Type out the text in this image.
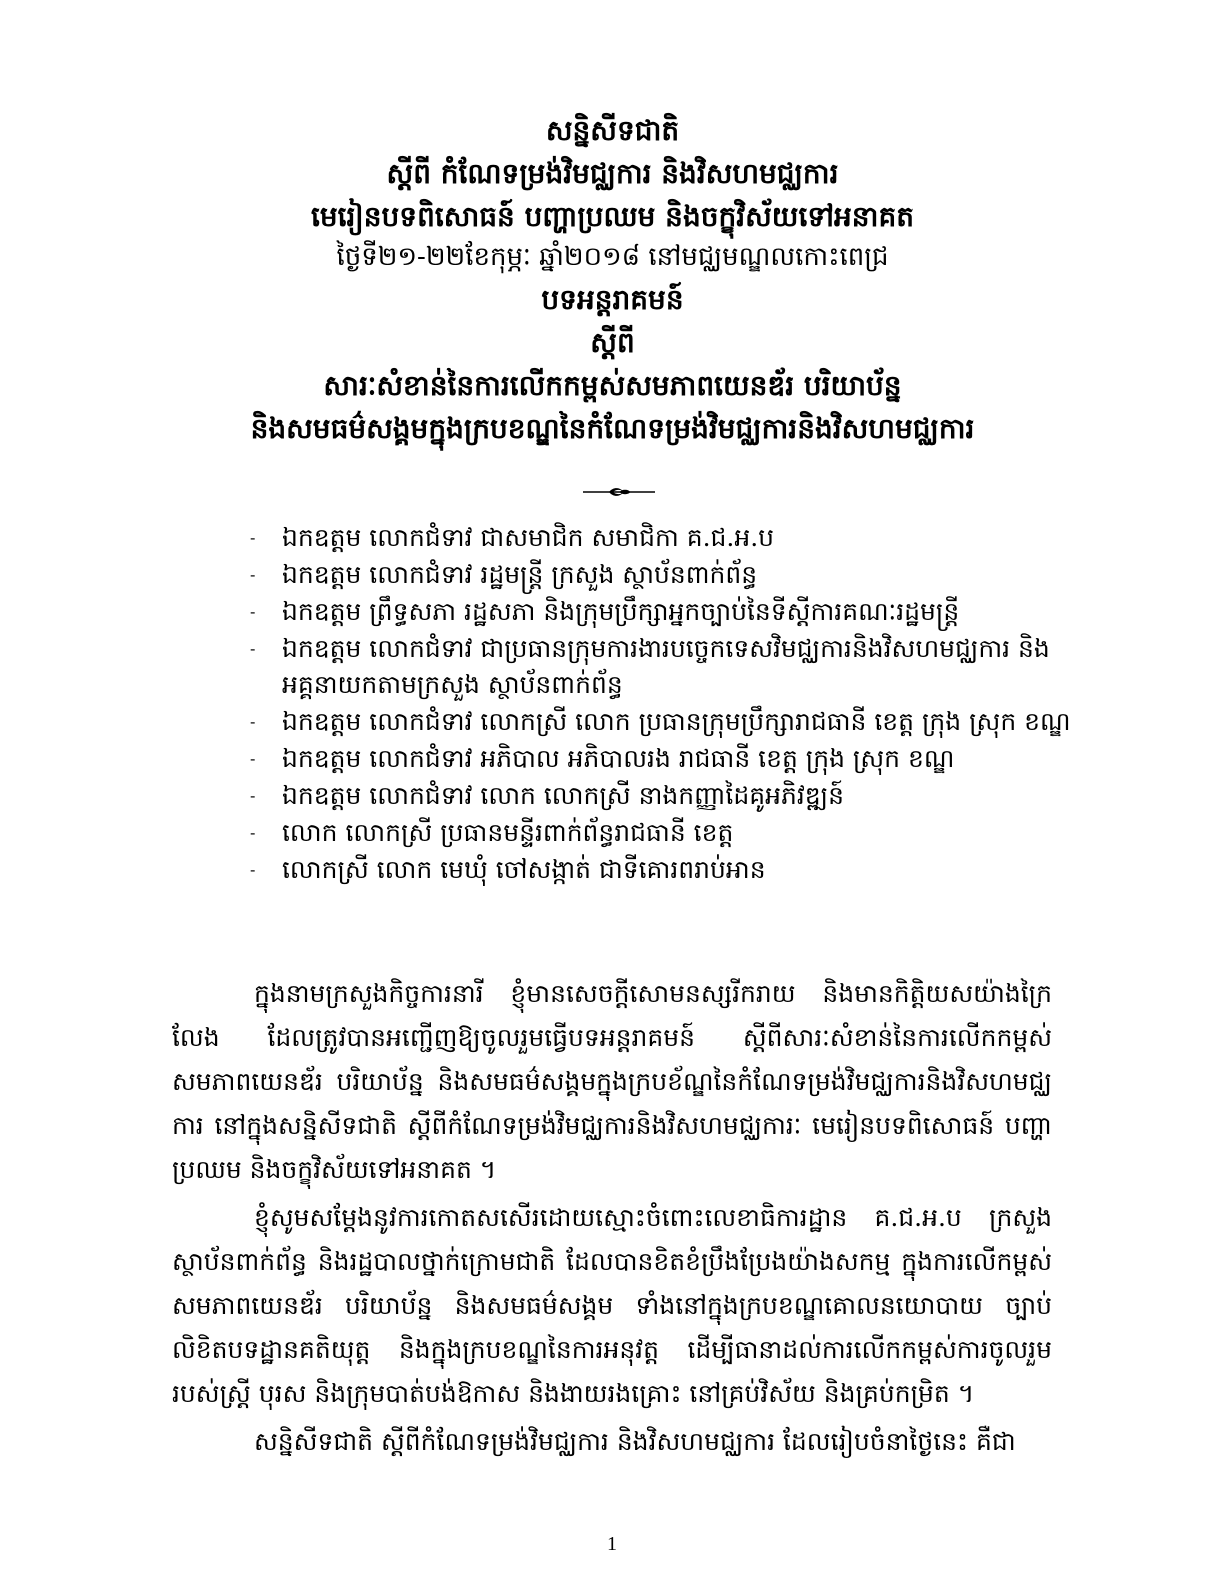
សន្និសីទជាតិ

ស្តីពី កំណែទម្រង់វិមជ្ឈការ និងវិសហមជ្ឈការ

មេរៀនបទពិសោធន៍ បញ្ហាប្រឈម និងចក្ខុវិស័យទៅអនាគត

ថ្ងៃទី២១-២២ខែកុម្ភៈ ឆ្នាំ២០១៨ នៅមជ្ឈមណ្ឌលកោះពេជ្រ

បទអន្តរាគមន៍

ស្តីពី

សារៈសំខាន់នៃការលើកកម្ពស់សមភាពយេនឌ័រ បរិយាប័ន្ន

និងសមធម៌សង្គមក្នុងក្របខណ្ឌនៃកំណែទម្រង់វិមជ្ឈការនិងវិសហមជ្ឈការ

- ឯកឧត្តម លោកជំទាវ ជាសមាជិក សមាជិកា គ.ជ.អ.ប
- ឯកឧត្តម លោកជំទាវ រដ្ឋមន្ត្រី ក្រសួង ស្ថាប័នពាក់ព័ន្ធ
- ឯកឧត្តម ព្រឹទ្ធសភា រដ្ឋសភា និងក្រុមប្រឹក្សាអ្នកច្បាប់នៃទីស្តីការគណៈរដ្ឋមន្ត្រី
- ឯកឧត្តម លោកជំទាវ ជាប្រធានក្រុមការងារបច្ចេកទេសវិមជ្ឈការនិងវិសហមជ្ឈការ និងអគ្គនាយកតាមក្រសួង ស្ថាប័នពាក់ព័ន្ធ
- ឯកឧត្តម លោកជំទាវ លោកស្រី លោក ប្រធានក្រុមប្រឹក្សារាជធានី ខេត្ត ក្រុង ស្រុក ខណ្ឌ
- ឯកឧត្តម លោកជំទាវ អភិបាល អភិបាលរង រាជធានី ខេត្ត ក្រុង ស្រុក ខណ្ឌ
- ឯកឧត្តម លោកជំទាវ លោក លោកស្រី នាងកញ្ញាដៃគូអភិវឌ្ឍន៍
- លោក លោកស្រី ប្រធានមន្ទីរពាក់ព័ន្ធរាជធានី ខេត្ត
- លោកស្រី លោក មេឃុំ ចៅសង្កាត់ ជាទីគោរពរាប់អាន

ក្នុងនាមក្រសួងកិច្ចការនារី ខ្ញុំមានសេចក្តីសោមនស្សរីករាយ និងមានកិត្តិយសយ៉ាងក្រៃលែង ដែលត្រូវបានអញ្ជើញឱ្យចូលរួមធ្វើបទអន្តរាគមន៍ ស្តីពីសារៈសំខាន់នៃការលើកកម្ពស់សមភាពយេនឌ័រ បរិយាប័ន្ន និងសមធម៌សង្គមក្នុងក្របខ័ណ្ឌនៃកំណែទម្រង់វិមជ្ឈការនិងវិសហមជ្ឈការ នៅក្នុងសន្និសីទជាតិ ស្តីពីកំណែទម្រង់វិមជ្ឈការនិងវិសហមជ្ឈការៈ មេរៀនបទពិសោធន៍ បញ្ហាប្រឈម និងចក្ខុវិស័យទៅអនាគត ។

ខ្ញុំសូមសម្តែងនូវការកោតសសើរដោយស្មោះចំពោះលេខាធិការដ្ឋាន គ.ជ.អ.ប ក្រសួង ស្ថាប័នពាក់ព័ន្ធ និងរដ្ឋបាលថ្នាក់ក្រោមជាតិ ដែលបានខិតខំប្រឹងប្រែងយ៉ាងសកម្ម ក្នុងការលើកម្ពស់សមភាពយេនឌ័រ បរិយាប័ន្ន និងសមធម៌សង្គម ទាំងនៅក្នុងក្របខណ្ឌគោលនយោបាយ ច្បាប់ លិខិតបទដ្ឋានគតិយុត្ត និងក្នុងក្របខណ្ឌនៃការអនុវត្ត ដើម្បីធានាដល់ការលើកកម្ពស់ការចូលរួមរបស់ស្ត្រី បុរស និងក្រុមបាត់បង់ឱកាស និងងាយរងគ្រោះ នៅគ្រប់វិស័យ និងគ្រប់កម្រិត ។

សន្និសីទជាតិ ស្តីពីកំណែទម្រង់វិមជ្ឈការ និងវិសហមជ្ឈការ ដែលរៀបចំនាថ្ងៃនេះ គឺជា

1
